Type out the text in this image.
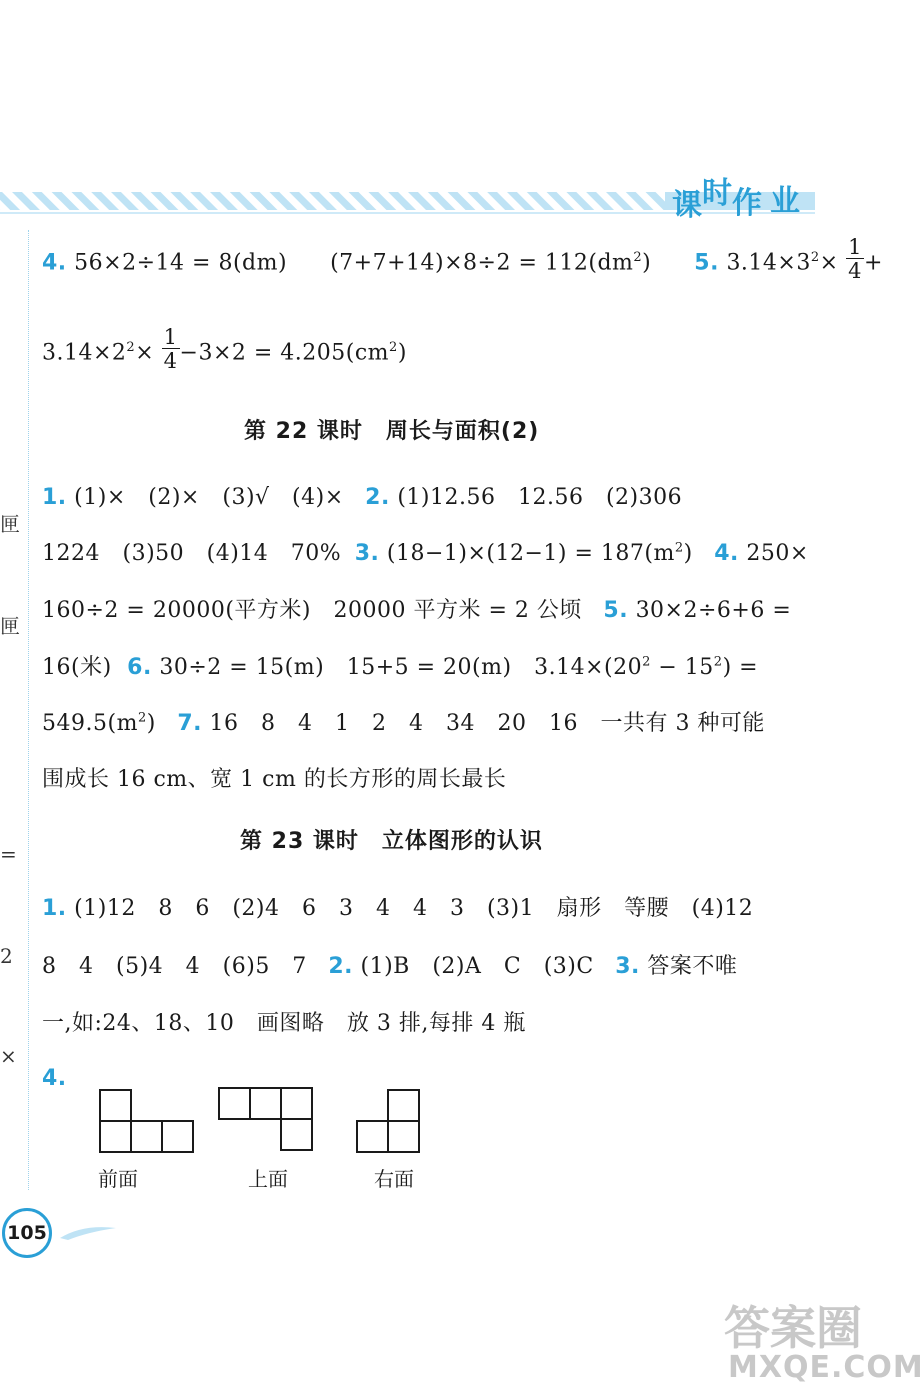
课时作 业
匣
匣
=
2
×
4. 56×2÷14 = 8(dm) $(7+7+14)\times 8\div 2 = 112(dm^2)$ 5. $3.14\times 3^2\times \frac{1}{4}$ +
$3.14\times 2^2\times \frac{1}{4} -3\times 2 = 4.205(cm^2)$
第 22 课时　周长与面积(2)
1. (1)×　(2)×　(3)√　(4)× 2. (1)12.56　12.56　(2)306
1224　(3)50　(4)14　70% 3. $(18-1)\times(12-1) = 187(m^2)$ 4. 250×
160÷2 = 20000(平方米)　20000 平方米 = 2 公顷 5. 30×2÷6+6 =
16(米) 6. 30÷2 = 15(m)　15+5 = 20(m)　$3.14\times(20^2 - 15^2)$ =
$549.5(m^2)$ 7. 16　8　4　1　2　4　34　20　16　一共有 3 种可能
围成长 16 cm、宽 1 cm 的长方形的周长最长
第 23 课时　立体图形的认识
1. (1)12　8　6　(2)4　6　3　4　4　3　(3)1　扇形　等腰　(4)12
8　4　(5)4　4　(6)5　7 2. (1)B　(2)A　C　(3)C 3. 答案不唯
一,如:24、18、10　画图略　放 3 排,每排 4 瓶
4.
前面	上面	右面
105
答案圈
MXQE.COM
